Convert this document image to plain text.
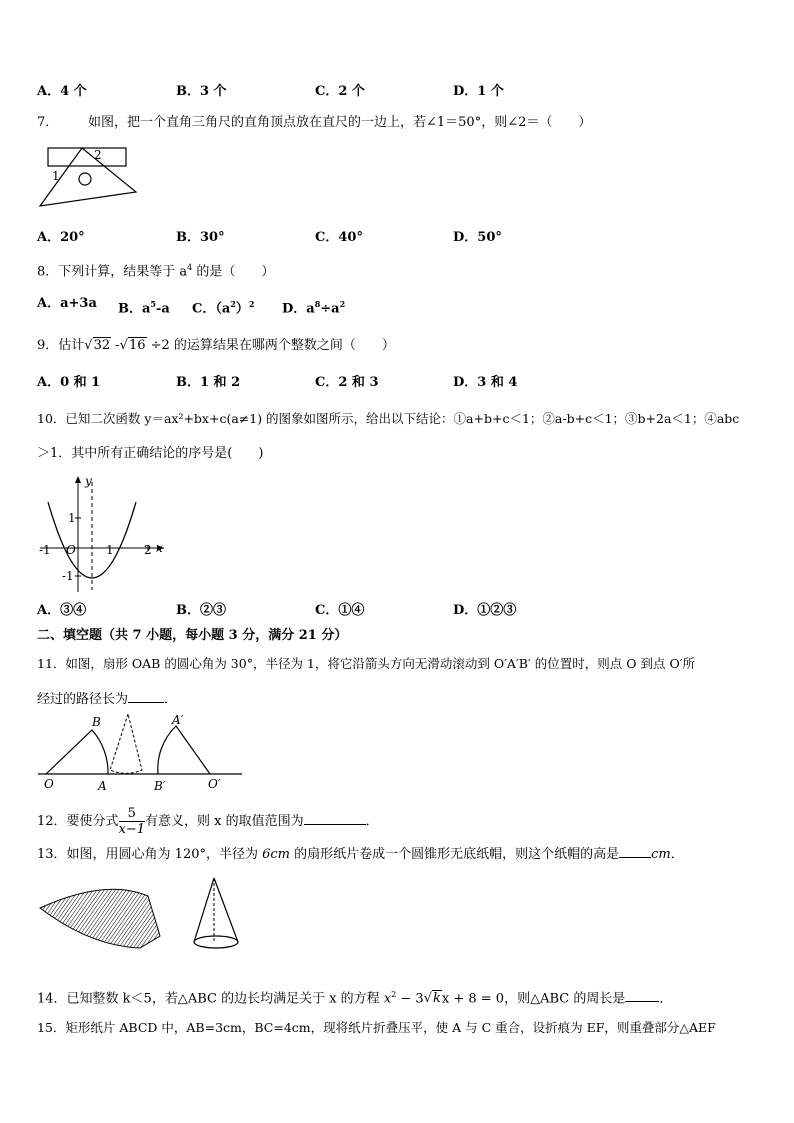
A．4 个	B．3 个	C．2 个	D．1 个
7． 如图，把一个直角三角尺的直角顶点放在直尺的一边上，若∠1＝50°，则∠2＝（　　）
1
2
A．20°	B．30°	C．40°	D．50°
8．下列计算，结果等于 $a^4$ 的是（　　）
A．a+3a B．$a^5-a$ C．$(a^2)^2$ D．$a^8\div a^2$
9．估计√32 -√16 ÷2 的运算结果在哪两个整数之间（　　）
A．0 和 1	B．1 和 2	C．2 和 3	D．3 和 4
10．已知二次函数 y＝ax²+bx+c(a≠1) 的图象如图所示，给出以下结论：①a+b+c＜1；②a-b+c＜1；③b+2a＜1；④abc
＞1．其中所有正确结论的序号是(　　)
y
x
O
-1	1	2
1
-1
A．③④	B．②③	C．①④	D．①②③
二、填空题（共 7 小题，每小题 3 分，满分 21 分）
11．如图，扇形 OAB 的圆心角为 30°，半径为 1，将它沿箭头方向无滑动滚动到 O′A′B′ 的位置时，则点 O 到点 O′所
经过的路径长为	．
B	A′
O	A	B′	O′
12．要使分式 $\frac{5}{x-1}$ 有意义，则 x 的取值范围为	．
13．如图，用圆心角为 120°，半径为 6cm 的扇形纸片卷成一个圆锥形无底纸帽，则这个纸帽的高是 cm．
14．已知整数 k＜5，若△ABC 的边长均满足关于 x 的方程 $x^2 - 3√kx + 8 = 0$，则△ABC 的周长是	．
15．矩形纸片 ABCD 中，AB=3cm，BC=4cm，现将纸片折叠压平，使 A 与 C 重合，设折痕为 EF，则重叠部分△AEF
